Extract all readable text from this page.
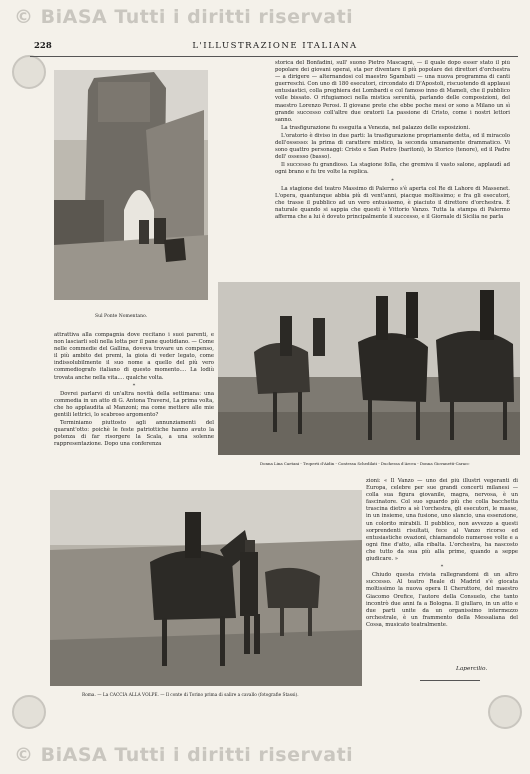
© BiASA Tutti i diritti riservati
228	L'ILLUSTRAZIONE ITALIANA
Sul Ponte Nomentano.

storica del Bonfadini, sull' suono Pietro Mascagni, — il quale dopo esser stato il più popolare dei giovani operai, sta per diventare il più popolare dei direttori d'orchestra — a dirigere — alternandosi col maestro Sgambati — una nuova programma di canti guerreschi. Con uno di 180 esecutori, circondato di D'Apostoli, riscuotendo di applausi entusiastici, colla preghiera dei Lombardi e col famoso inno di Mameli, che il pubblico volle bissato. O rifugiamoci nella mistica serenità, parlando delle composizioni, del maestro Lorenzo Perosi. Il giovane prete che ebbe poche mesi or sono a Milano un sì grande successo coll'altre due oratorii La passione di Cristo, come i nostri lettori sanno.

La trasfigurazione fu eseguita a Venezia, nel palazzo delle esposizioni.

L'oratorio è diviso in due parti: la trasfigurazione propriamente detta, ed il miracolo dell'ossesso: la prima di carattere mistico, la seconda umanamente drammatico. Vi sono quattro personaggi: Cristo e San Pietro (baritoni), lo Storico (tenore), ed il Padre dell' ossesso (basso).

Il successo fu grandioso. La stagione folla, che gremiva il vasto salone, applaudì ad ogni brano e fu tre volte la replica.

*

La stagione del teatro Massimo di Palermo s'è aperta col Re di Lahore di Massenet. L'opera, quantunque abbia più di vent'anni, piacque moltissimo; e fra gli esecutori, che trasse il pubblico ad un vero entusiasmo, è piaciuto il direttore d'orchestra. È naturale quando si sappia che questi è Vittorio Vanzo. Tutta la stampa di Palermo afferma che a lui è dovuto principalmente il successo, e il Giornale di Sicilia ne parla

Donna Lina Caetani - Troperti d'Aidin - Contessa Schedilati - Duchessa d'Arcea - Donna Giovanetti-Caracc

attrattiva alla compagnia dove recitano i suoi parenti, e non lasciarli soli nella lotta per il pane quotidiano. — Come nelle commedie del Gallina, doveva trovare un compenso, il più ambito dei premi, la gioia di veder legato, come indissolubilmente il suo nome a quello del più vero commediografo italiano di questo momento.... La lodiù trovata anche nella vita.... qualche volta.

*

Dovrei parlarvi di un'altra novità della settimana: una commedia in un atto di G. Antona Traversi, La prima volta, che ho applaudita al Manzoni; ma come mettere alle mie gentili lettrici, lo scabroso argomento?

Terminiamo piuttosto agli annunziamenti del quarant'otto: poichè le feste patriottiche hanno avuto la potenza di far risorgere la Scala, a una solenne rappresentazione. Dopo una conferenza

Roma. — La CACCIA ALLA VOLPE. — Il conte di Torino prima di salire a cavallo (fotografie Stassi).

zioni: « Il Vanzo — uno dei più illustri vegeranti di Europa, celebre per sue grandi concerti milanesi — colla sua figura giovanile, magra, nervosa, è un fascinatore. Col suo sguardo più che colla bacchetta trascina dietro a sè l'orchestra, gli esecutori, le masse, in un insieme, una fusione, uno slancio, una essenzione, un colorito mirabili. Il pubblico, non avvezzo a questi sorprendenti risultati, fece al Vanzo ricorso ed entusiastiche ovazioni, chiamandolo numerose volte e a ogni fine d'atto, alla ribalta. L'orchestra, ha nascosto che tutto da sua più alla prime, quando a seppe giudicare. »

*

Chiudo questa rivista rallegrandomi di un altro successo. Al teatro Reale di Madrid s'è giocata moltissimo la nuova opera Il Cheruttore, del maestro Giacomo Orefice, l'autore della Consuelo, che tanto incontrò due anni fa a Bologna. Il giullaro, in un atto e due parti unite da un organissimo intermezzo orchestrale, è un frammento della Messaliana del Cossa, musicato teatralmente.

Lapercilio.
© BiASA Tutti i diritti riservati
